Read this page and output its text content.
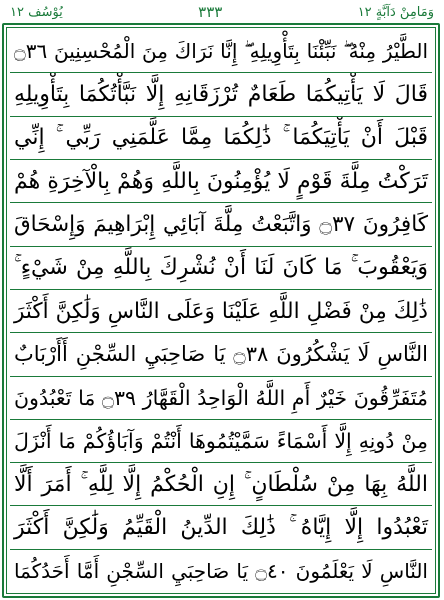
وَمَامِنْ دَآبَّةٍ ١٢
٣٣٣
يُوْسُف ١٢
الطَّيْرُ مِنْهُ ۖ نَبِّئْنَا بِتَأْوِيلِهِ ۖ إِنَّا نَرَاكَ مِنَ الْمُحْسِنِينَ ۝٣٦
قَالَ لَا يَأْتِيكُمَا طَعَامٌ تُرْزَقَانِهِ إِلَّا نَبَّأْتُكُمَا بِتَأْوِيلِهِ
قَبْلَ أَنْ يَأْتِيَكُمَا ۚ ذَٰلِكُمَا مِمَّا عَلَّمَنِي رَبِّي ۚ إِنِّي
تَرَكْتُ مِلَّةَ قَوْمٍ لَا يُؤْمِنُونَ بِاللَّهِ وَهُمْ بِالْآخِرَةِ هُمْ
كَافِرُونَ ۝٣٧ وَاتَّبَعْتُ مِلَّةَ آبَائِي إِبْرَاهِيمَ وَإِسْحَاقَ
وَيَعْقُوبَ ۚ مَا كَانَ لَنَا أَنْ نُشْرِكَ بِاللَّهِ مِنْ شَيْءٍ ۚ
ذَٰلِكَ مِنْ فَضْلِ اللَّهِ عَلَيْنَا وَعَلَى النَّاسِ وَلَٰكِنَّ أَكْثَرَ
النَّاسِ لَا يَشْكُرُونَ ۝٣٨ يَا صَاحِبَيِ السِّجْنِ أَأَرْبَابٌ
مُتَفَرِّقُونَ خَيْرٌ أَمِ اللَّهُ الْوَاحِدُ الْقَهَّارُ ۝٣٩ مَا تَعْبُدُونَ
مِنْ دُونِهِ إِلَّا أَسْمَاءً سَمَّيْتُمُوهَا أَنْتُمْ وَآبَاؤُكُمْ مَا أَنْزَلَ
اللَّهُ بِهَا مِنْ سُلْطَانٍ ۚ إِنِ الْحُكْمُ إِلَّا لِلَّهِ ۚ أَمَرَ أَلَّا
تَعْبُدُوا إِلَّا إِيَّاهُ ۚ ذَٰلِكَ الدِّينُ الْقَيِّمُ وَلَٰكِنَّ أَكْثَرَ
النَّاسِ لَا يَعْلَمُونَ ۝٤٠ يَا صَاحِبَيِ السِّجْنِ أَمَّا أَحَدُكُمَا
